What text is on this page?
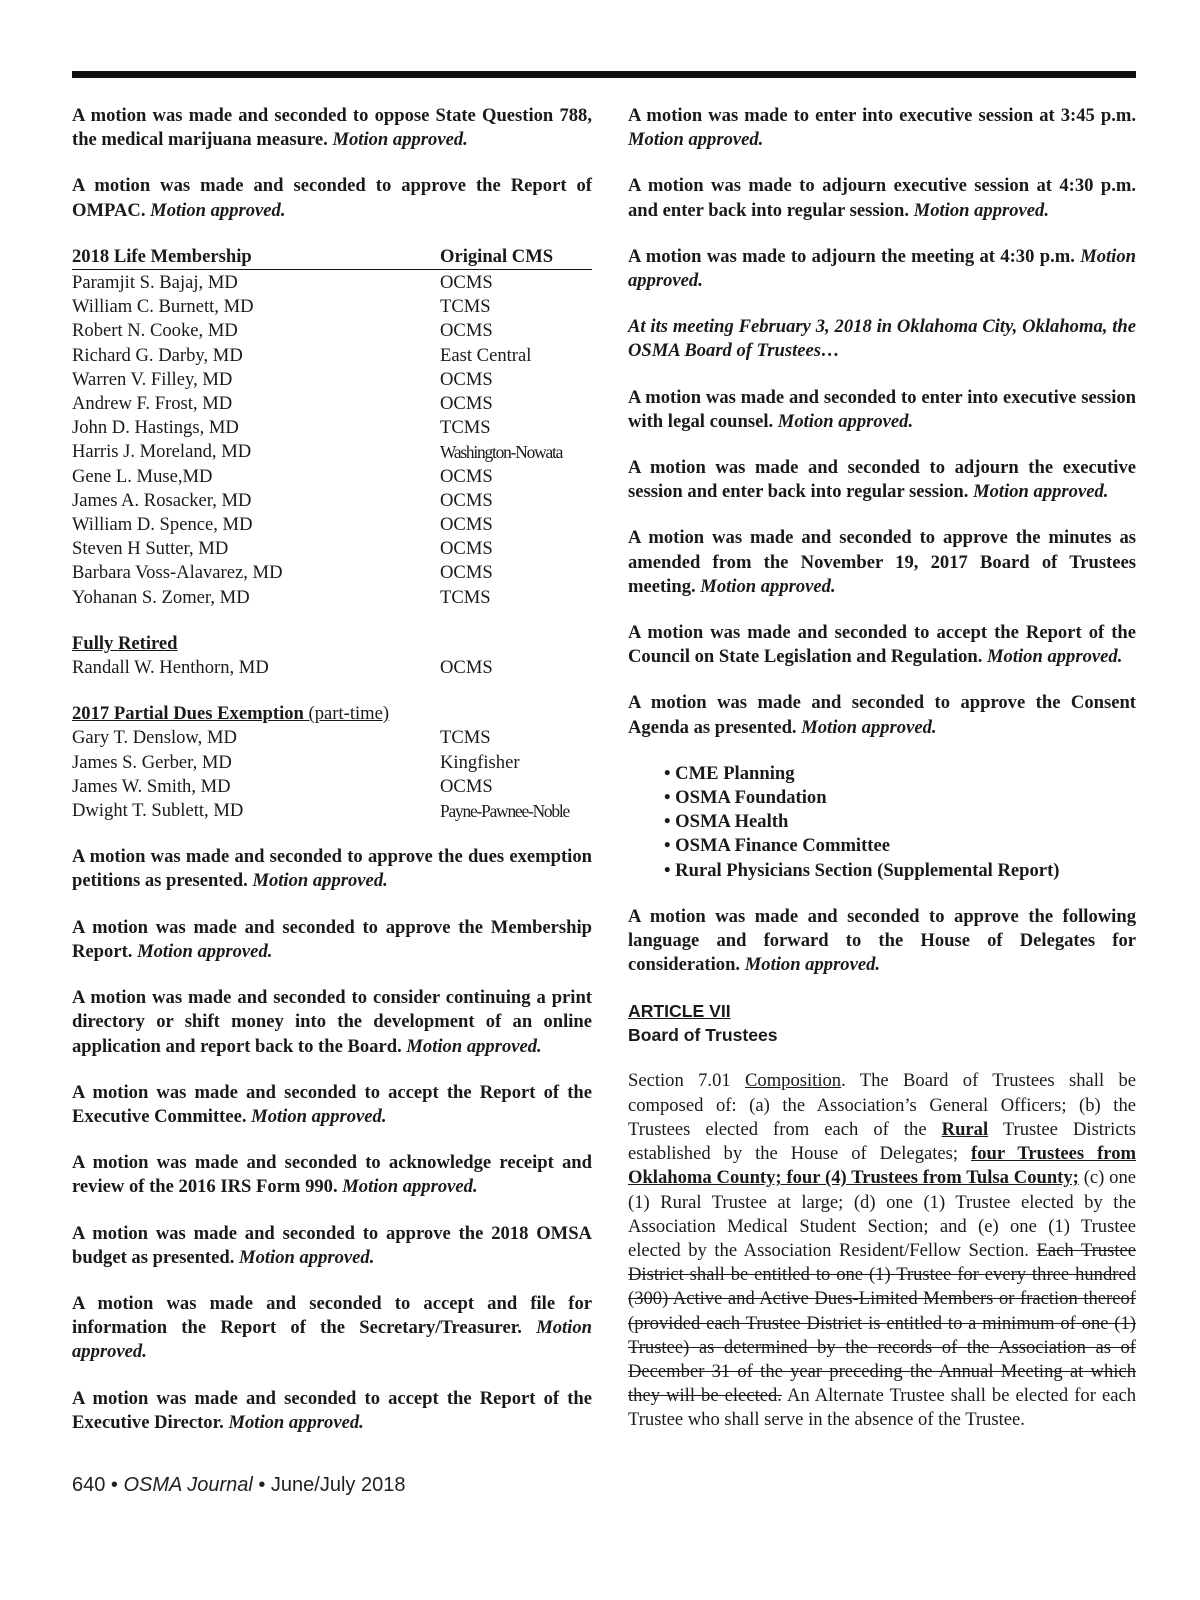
A motion was made and seconded to oppose State Question 788, the medical marijuana measure. Motion approved.

A motion was made and seconded to approve the Report of OMPAC. Motion approved.

2018 Life Membership	Original CMS
Paramjit S. Bajaj, MD	OCMS
William C. Burnett, MD	TCMS
Robert N. Cooke, MD	OCMS
Richard G. Darby, MD	East Central
Warren V. Filley, MD	OCMS
Andrew F. Frost, MD	OCMS
John D. Hastings, MD	TCMS
Harris J. Moreland, MD	Washington-Nowata
Gene L. Muse,MD	OCMS
James A. Rosacker, MD	OCMS
William D. Spence, MD	OCMS
Steven H Sutter, MD	OCMS
Barbara Voss-Alavarez, MD	OCMS
Yohanan S. Zomer, MD	TCMS
Fully Retired
Randall W. Henthorn, MD	OCMS
2017 Partial Dues Exemption (part-time)
Gary T. Denslow, MD	TCMS
James S. Gerber, MD	Kingfisher
James W. Smith, MD	OCMS
Dwight T. Sublett, MD	Payne-Pawnee-Noble

A motion was made and seconded to approve the dues exemption petitions as presented. Motion approved.

A motion was made and seconded to approve the Membership Report. Motion approved.

A motion was made and seconded to consider continuing a print directory or shift money into the development of an online application and report back to the Board. Motion approved.

A motion was made and seconded to accept the Report of the Executive Committee. Motion approved.

A motion was made and seconded to acknowledge receipt and review of the 2016 IRS Form 990. Motion approved.

A motion was made and seconded to approve the 2018 OMSA budget as presented. Motion approved.

A motion was made and seconded to accept and file for information the Report of the Secretary/Treasurer. Motion approved.

A motion was made and seconded to accept the Report of the Executive Director. Motion approved.

A motion was made to enter into executive session at 3:45 p.m. Motion approved.

A motion was made to adjourn executive session at 4:30 p.m. and enter back into regular session. Motion approved.

A motion was made to adjourn the meeting at 4:30 p.m. Motion approved.

At its meeting February 3, 2018 in Oklahoma City, Oklahoma, the OSMA Board of Trustees…

A motion was made and seconded to enter into executive session with legal counsel. Motion approved.

A motion was made and seconded to adjourn the executive session and enter back into regular session. Motion approved.

A motion was made and seconded to approve the minutes as amended from the November 19, 2017 Board of Trustees meeting. Motion approved.

A motion was made and seconded to accept the Report of the Council on State Legislation and Regulation. Motion approved.

A motion was made and seconded to approve the Consent Agenda as presented. Motion approved.

• CME Planning
• OSMA Foundation
• OSMA Health
• OSMA Finance Committee
• Rural Physicians Section (Supplemental Report)

A motion was made and seconded to approve the following language and forward to the House of Delegates for consideration. Motion approved.

ARTICLE VII
Board of Trustees

Section 7.01 Composition. The Board of Trustees shall be composed of: (a) the Association’s General Officers; (b) the Trustees elected from each of the Rural Trustee Districts established by the House of Delegates; four Trustees from Oklahoma County; four (4) Trustees from Tulsa County; (c) one (1) Rural Trustee at large; (d) one (1) Trustee elected by the Association Medical Student Section; and (e) one (1) Trustee elected by the Association Resident/Fellow Section. Each Trustee District shall be entitled to one (1) Trustee for every three hundred (300) Active and Active Dues-Limited Members or fraction thereof (provided each Trustee District is entitled to a minimum of one (1) Trustee) as determined by the records of the Association as of December 31 of the year preceding the Annual Meeting at which they will be elected. An Alternate Trustee shall be elected for each Trustee who shall serve in the absence of the Trustee.

640 • OSMA Journal • June/July 2018
